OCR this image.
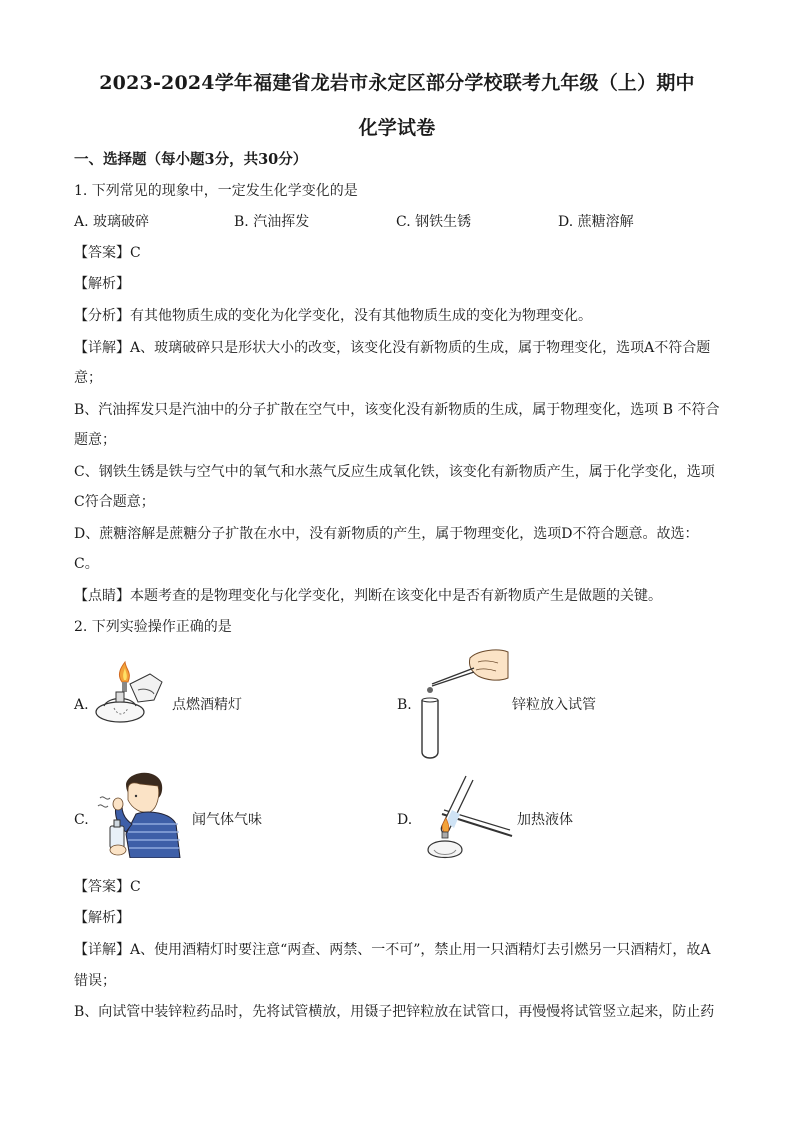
2023-2024学年福建省龙岩市永定区部分学校联考九年级（上）期中
化学试卷
一、选择题（每小题3分，共30分）
1. 下列常见的现象中，一定发生化学变化的是
A. 玻璃破碎	B. 汽油挥发	C. 钢铁生锈	D. 蔗糖溶解
【答案】C
【解析】
【分析】有其他物质生成的变化为化学变化，没有其他物质生成的变化为物理变化。
【详解】A、玻璃破碎只是形状大小的改变，该变化没有新物质的生成，属于物理变化，选项A不符合题
意；
B、汽油挥发只是汽油中的分子扩散在空气中，该变化没有新物质的生成，属于物理变化，选项 B 不符合
题意；
C、钢铁生锈是铁与空气中的氧气和水蒸气反应生成氧化铁，该变化有新物质产生，属于化学变化，选项
C符合题意；
D、蔗糖溶解是蔗糖分子扩散在水中，没有新物质的产生，属于物理变化，选项D不符合题意。故选：
C。
【点睛】本题考查的是物理变化与化学变化，判断在该变化中是否有新物质产生是做题的关键。
2. 下列实验操作正确的是
A.	点燃酒精灯	B.	锌粒放入试管
C.	闻气体气味	D.	加热液体
【答案】C
【解析】
【详解】A、使用酒精灯时要注意“两查、两禁、一不可”，禁止用一只酒精灯去引燃另一只酒精灯，故A
错误；
B、向试管中装锌粒药品时，先将试管横放，用镊子把锌粒放在试管口，再慢慢将试管竖立起来，防止药
